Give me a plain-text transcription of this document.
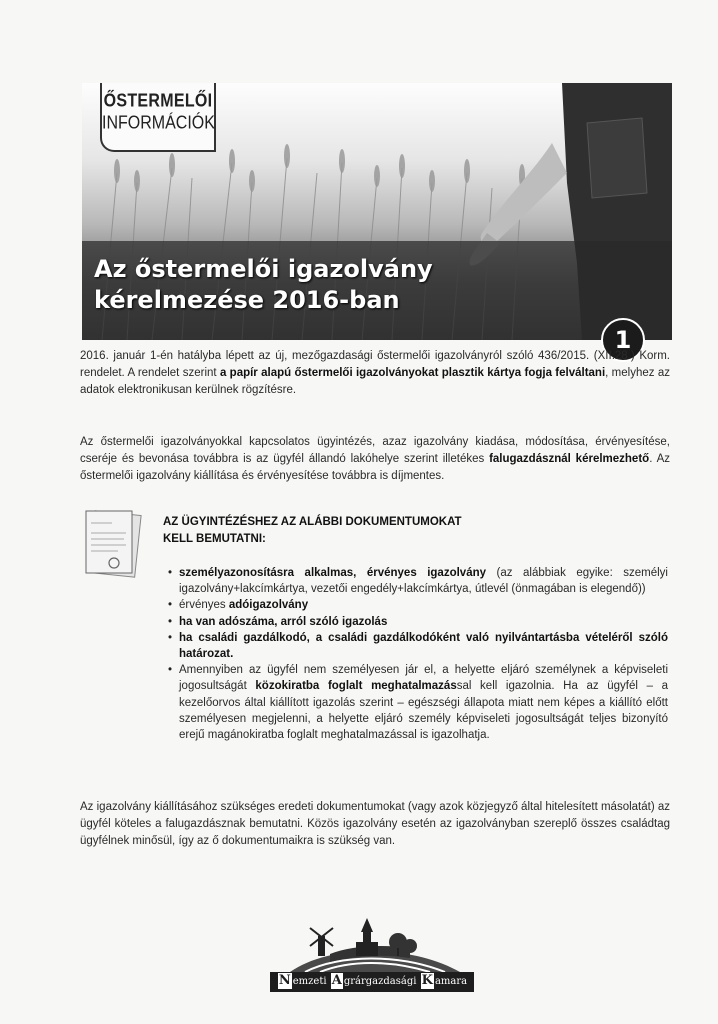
ŐSTERMELŐI
INFORMÁCIÓK
Az őstermelői igazolvány
kérelmezése 2016-ban
1

2016. január 1-én hatályba lépett az új, mezőgazdasági őstermelői igazolványról szóló 436/2015. (XII.28.) Korm. rendelet. A rendelet szerint a papír alapú őstermelői igazolványokat plasztik kártya fogja felváltani, melyhez az adatok elektronikusan kerülnek rögzítésre.

Az őstermelői igazolványokkal kapcsolatos ügyintézés, azaz igazolvány kiadása, módosítása, érvényesítése, cseréje és bevonása továbbra is az ügyfél állandó lakóhelye szerint illetékes falugazdásznál kérelmezhető. Az őstermelői igazolvány kiállítása és érvényesítése továbbra is díjmentes.

AZ ÜGYINTÉZÉSHEZ AZ ALÁBBI DOKUMENTUMOKAT
KELL BEMUTATNI:
• személyazonosításra alkalmas, érvényes igazolvány (az alábbiak egyike: személyi igazolvány+lakcímkártya, vezetői engedély+lakcímkártya, útlevél (önmagában is elegendő))
• érvényes adóigazolvány
• ha van adószáma, arról szóló igazolás
• ha családi gazdálkodó, a családi gazdálkodóként való nyilvántartásba vételéről szóló határozat.
• Amennyiben az ügyfél nem személyesen jár el, a helyette eljáró személynek a képviseleti jogosultságát közokiratba foglalt meghatalmazással kell igazolnia. Ha az ügyfél – a kezelőorvos által kiállított igazolás szerint – egészségi állapota miatt nem képes a kiállító előtt személyesen megjelenni, a helyette eljáró személy képviseleti jogosultságát teljes bizonyító erejű magánokiratba foglalt meghatalmazással is igazolhatja.

Az igazolvány kiállításához szükséges eredeti dokumentumokat (vagy azok közjegyző által hitelesített másolatát) az ügyfél köteles a falugazdásznak bemutatni. Közös igazolvány esetén az igazolványban szereplő összes családtag ügyfélnek minősül, így az ő dokumentumaikra is szükség van.

N emzeti A grárgazdasági K amara
